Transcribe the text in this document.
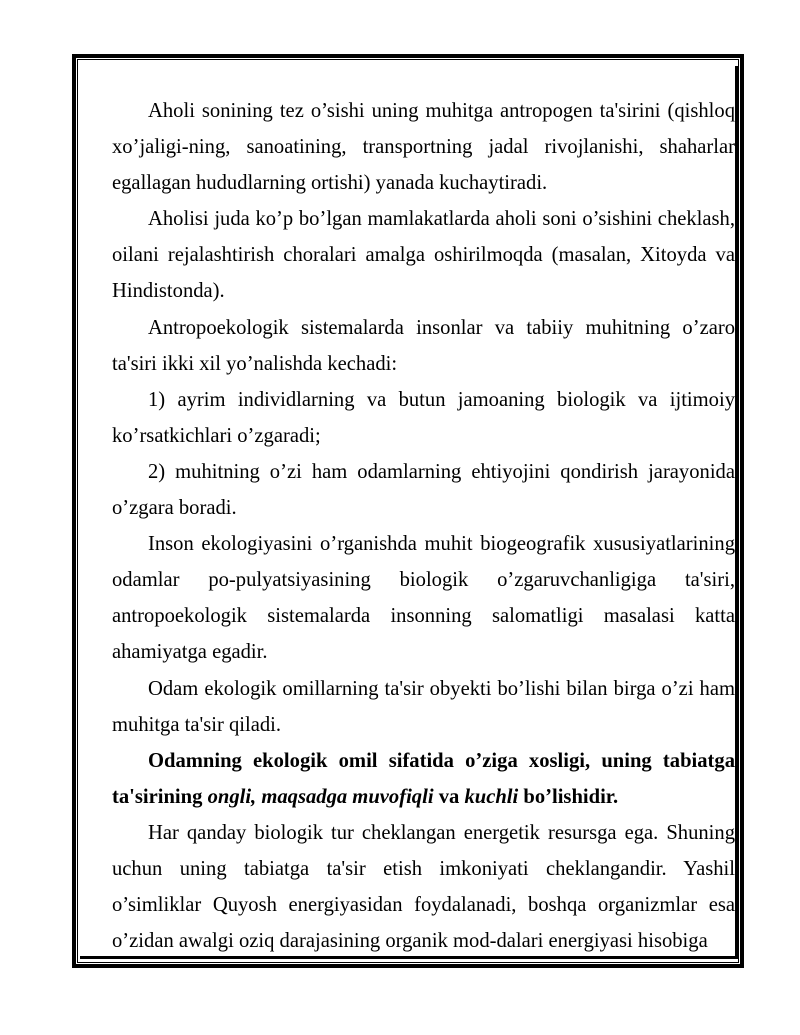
Aholi sonining tez o’sishi uning muhitga antropogen ta'sirini (qishloq xo’jaligi-ning, sanoatining, transportning jadal rivojlanishi, shaharlar egallagan hududlarning ortishi) yanada kuchaytiradi.

Aholisi juda ko’p bo’lgan mamlakatlarda aholi soni o’sishini cheklash, oilani rejalashtirish choralari amalga oshirilmoqda (masalan, Xitoyda va Hindistonda).

Antropoekologik sistemalarda insonlar va tabiiy muhitning o’zaro ta'siri ikki xil yo’nalishda kechadi:

1) ayrim individlarning va butun jamoaning biologik va ijtimoiy ko’rsatkichlari o’zgaradi;

2) muhitning o’zi ham odamlarning ehtiyojini qondirish jarayonida o’zgara boradi.

Inson ekologiyasini o’rganishda muhit biogeografik xususiyatlarining odamlar po-pulyatsiyasining biologik o’zgaruvchanligiga ta'siri, antropoekologik sistemalarda insonning salomatligi masalasi katta ahamiyatga egadir.

Odam ekologik omillarning ta'sir obyekti bo’lishi bilan birga o’zi ham muhitga ta'sir qiladi.

Odamning ekologik omil sifatida o’ziga xosligi, uning tabiatga ta'sirining ongli, maqsadga muvofiqli va kuchli bo’lishidir.

Har qanday biologik tur cheklangan energetik resursga ega. Shuning uchun uning tabiatga ta'sir etish imkoniyati cheklangandir. Yashil o’simliklar Quyosh energiyasidan foydalanadi, boshqa organizmlar esa o’zidan awalgi oziq darajasining organik mod-dalari energiyasi hisobiga
